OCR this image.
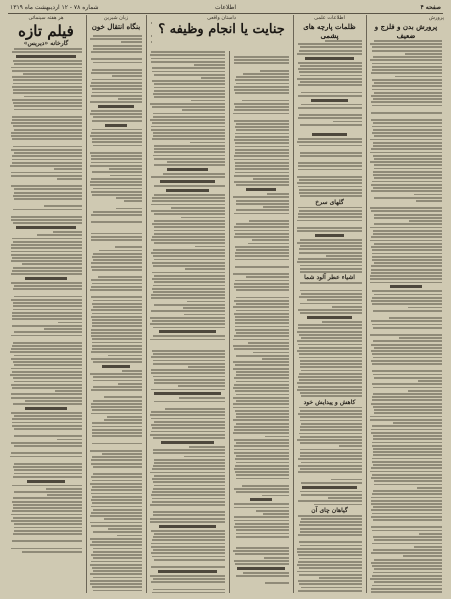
۱۳۱۹ شماره ۷۸ - ۱۲ اردیبهشت ماه	اطلاعات	صفحه ۴
هر هفته سینمائی
فیلم تازه
گارخانه «دیریس»
زبان شیرین
بنگاه انتقال خون
داستان واقعی
جنایت یا انجام وظیفه ؟
اطلاعات علمی
ظلمات پارچه های پشمی
گلهای سرخ
اشیاء عطر آلود شما
کاهش و پیدایش خود
گیاهان چای آن
پرورش
پرورش بدن و فلزج و ضعیف
